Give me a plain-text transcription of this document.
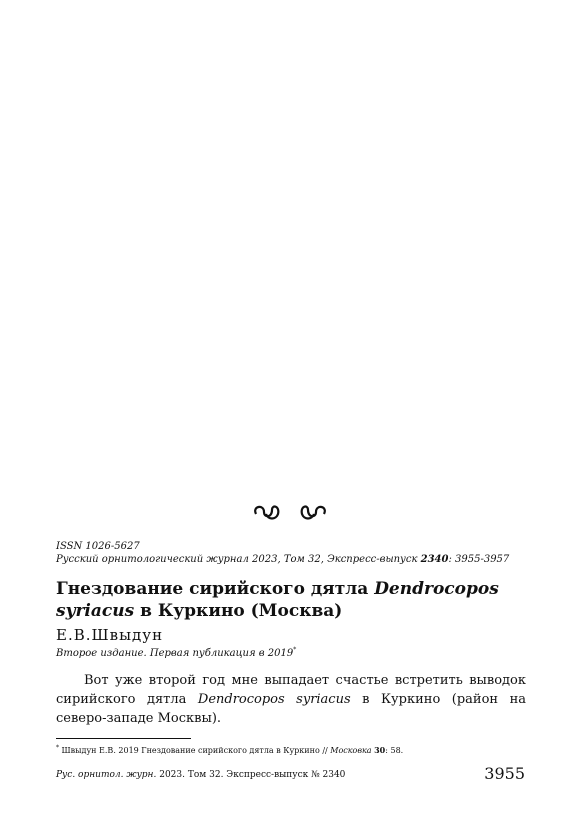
ISSN 1026-5627
Русский орнитологический журнал 2023, Том 32, Экспресс-выпуск 2340: 3955-3957
Гнездование сирийского дятла Dendrocopos
syriacus в Куркино (Москва)
Е.В.Швыдун
Второе издание. Первая публикация в 2019*
Вот уже второй год мне выпадает счастье встретить выводок сирийского дятла Dendrocopos syriacus в Куркино (район на северо-западе Москвы).
* Швыдун Е.В. 2019 Гнездование сирийского дятла в Куркино // Московка 30: 58.
Рус. орнитол. журн. 2023. Том 32. Экспресс-выпуск № 2340	3955
